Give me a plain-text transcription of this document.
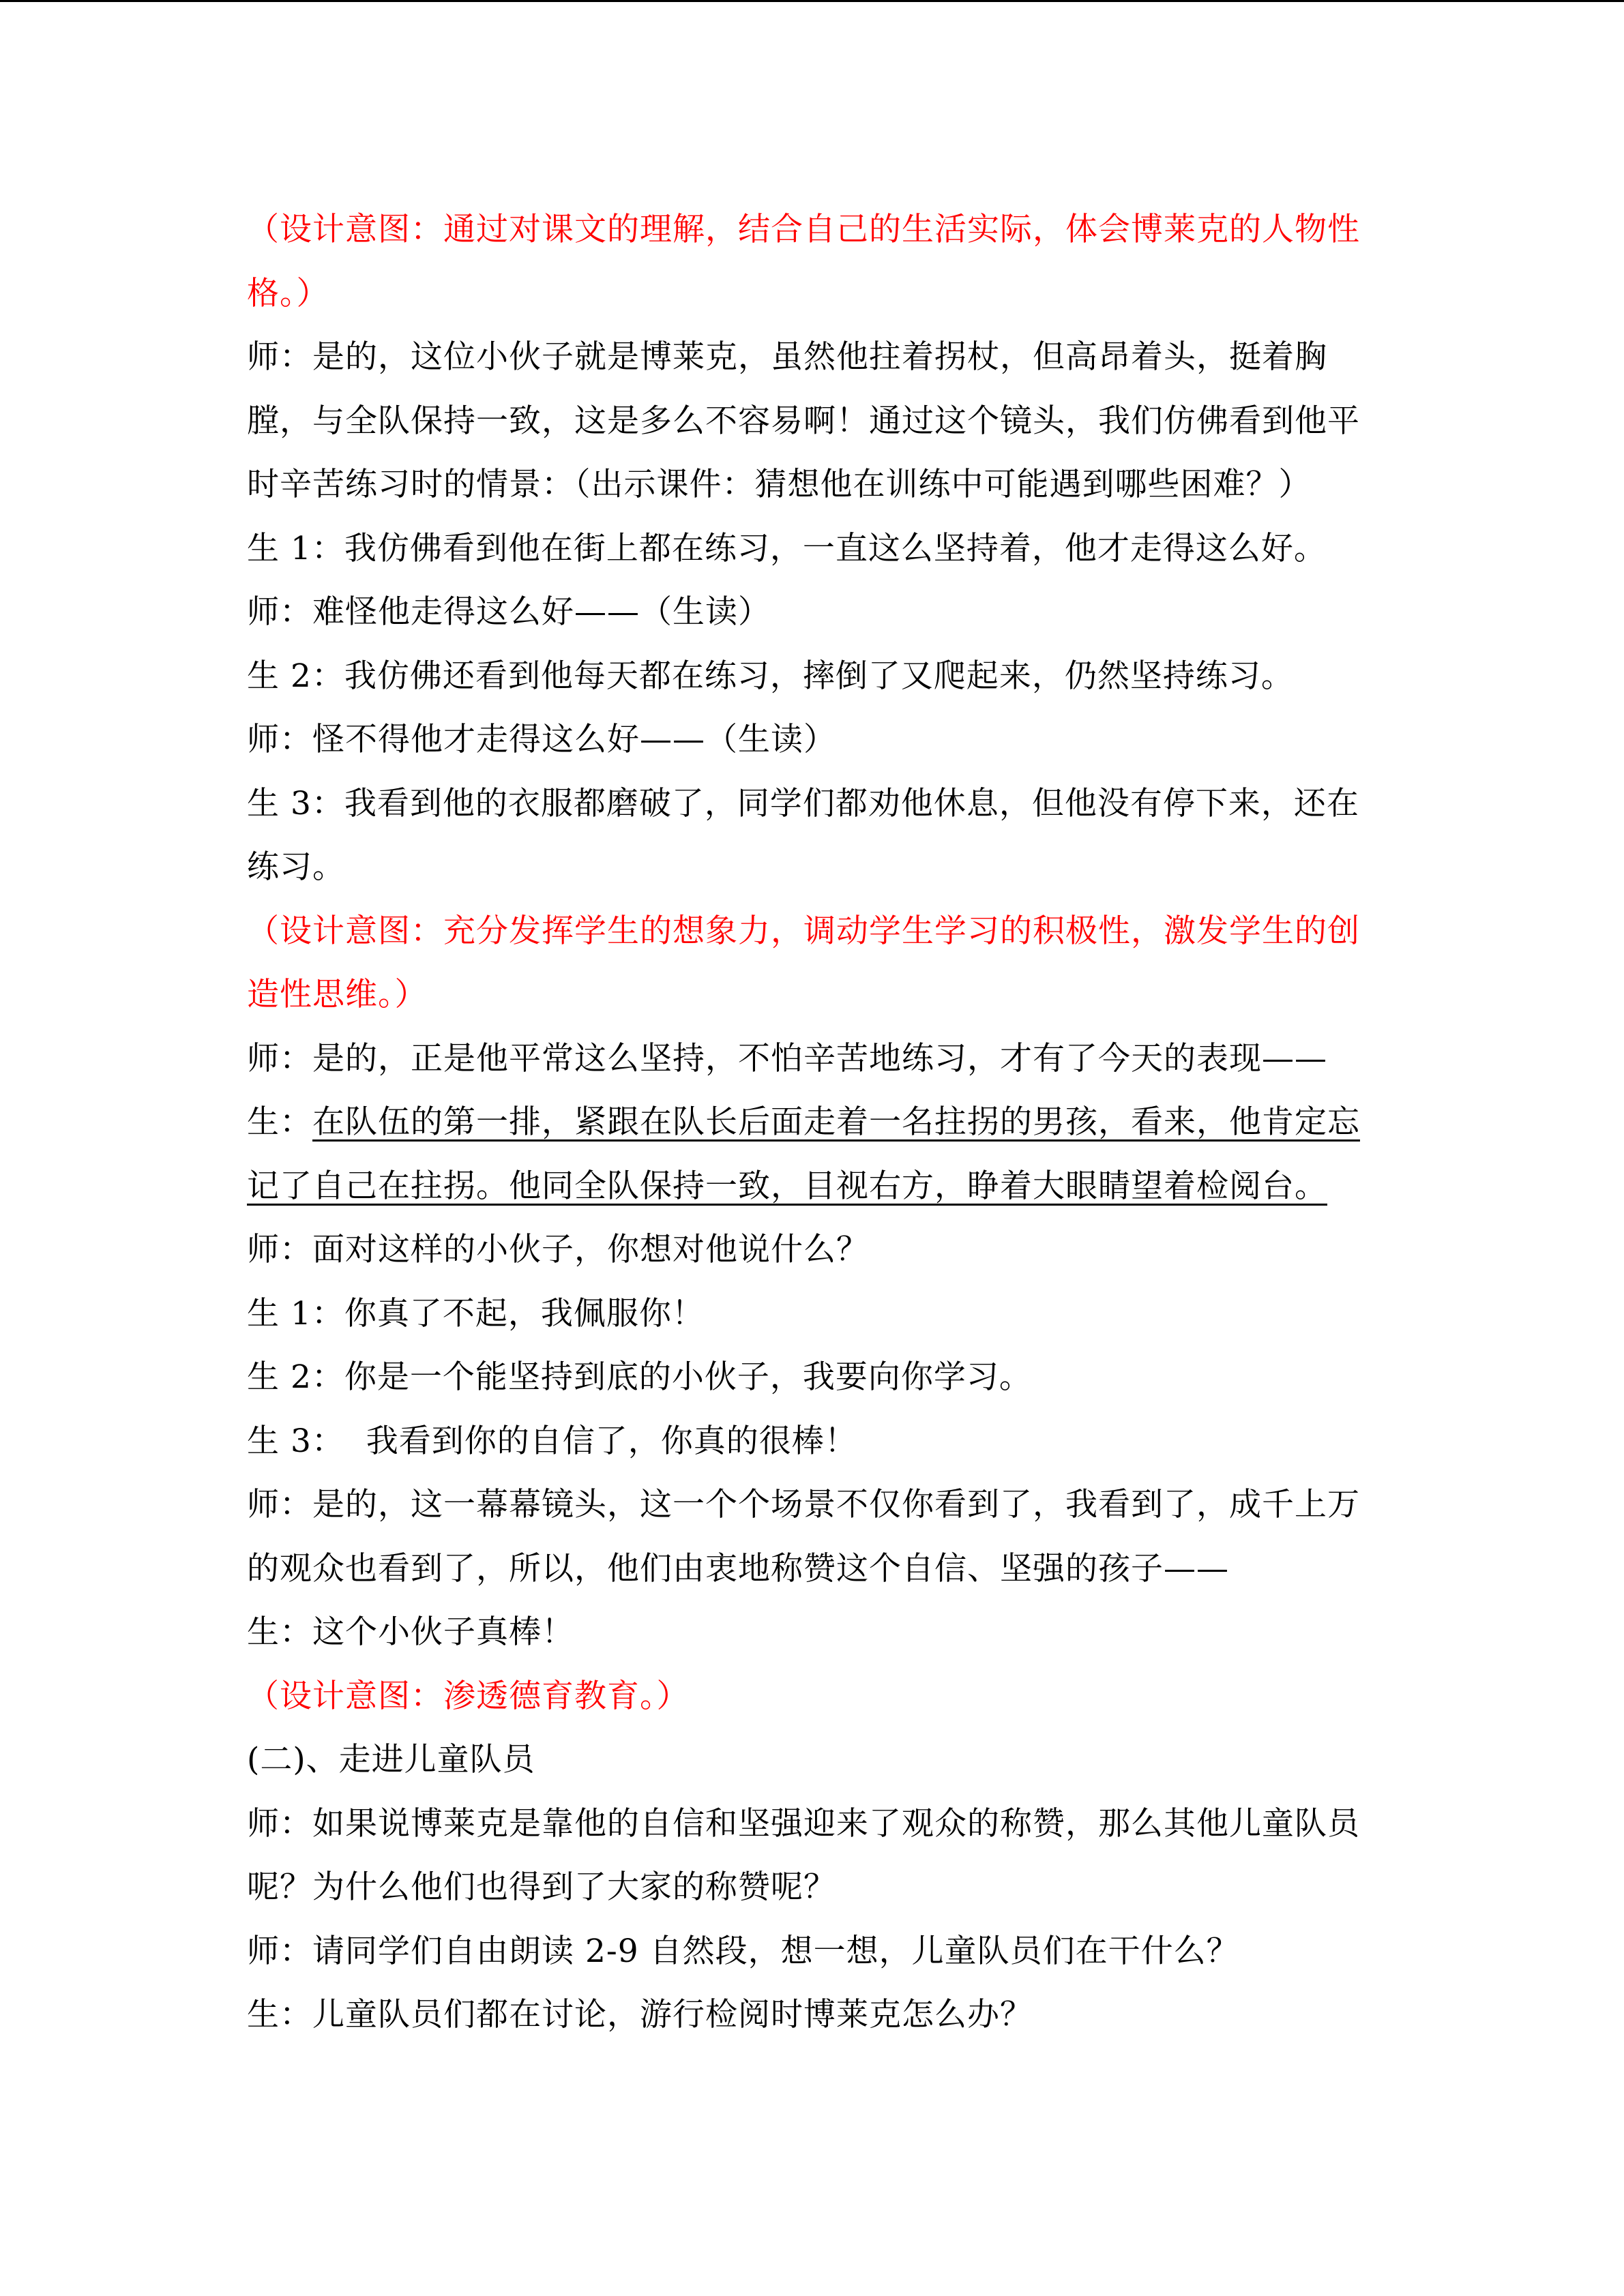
（设计意图：通过对课文的理解，结合自己的生活实际，体会博莱克的人物性
格。）
师：是的，这位小伙子就是博莱克，虽然他拄着拐杖，但高昂着头，挺着胸
膛，与全队保持一致，这是多么不容易啊！通过这个镜头，我们仿佛看到他平
时辛苦练习时的情景：（出示课件：猜想他在训练中可能遇到哪些困难？）
生 1：我仿佛看到他在街上都在练习，一直这么坚持着，他才走得这么好。
师：难怪他走得这么好——（生读）
生 2：我仿佛还看到他每天都在练习，摔倒了又爬起来，仍然坚持练习。
师：怪不得他才走得这么好——（生读）
生 3：我看到他的衣服都磨破了，同学们都劝他休息，但他没有停下来，还在
练习。
（设计意图：充分发挥学生的想象力，调动学生学习的积极性，激发学生的创
造性思维。）
师：是的，正是他平常这么坚持，不怕辛苦地练习，才有了今天的表现——
生：在队伍的第一排，紧跟在队长后面走着一名拄拐的男孩，看来，他肯定忘
记了自己在拄拐。他同全队保持一致，目视右方，睁着大眼睛望着检阅台。
师：面对这样的小伙子，你想对他说什么？
生 1：你真了不起，我佩服你！
生 2：你是一个能坚持到底的小伙子，我要向你学习。
生 3：  我看到你的自信了，你真的很棒！
师：是的，这一幕幕镜头，这一个个场景不仅你看到了，我看到了，成千上万
的观众也看到了，所以，他们由衷地称赞这个自信、坚强的孩子——
生：这个小伙子真棒！
（设计意图：渗透德育教育。）
(二)、走进儿童队员
师：如果说博莱克是靠他的自信和坚强迎来了观众的称赞，那么其他儿童队员
呢？为什么他们也得到了大家的称赞呢？
师：请同学们自由朗读 2-9 自然段，想一想，儿童队员们在干什么？
生：儿童队员们都在讨论，游行检阅时博莱克怎么办？
